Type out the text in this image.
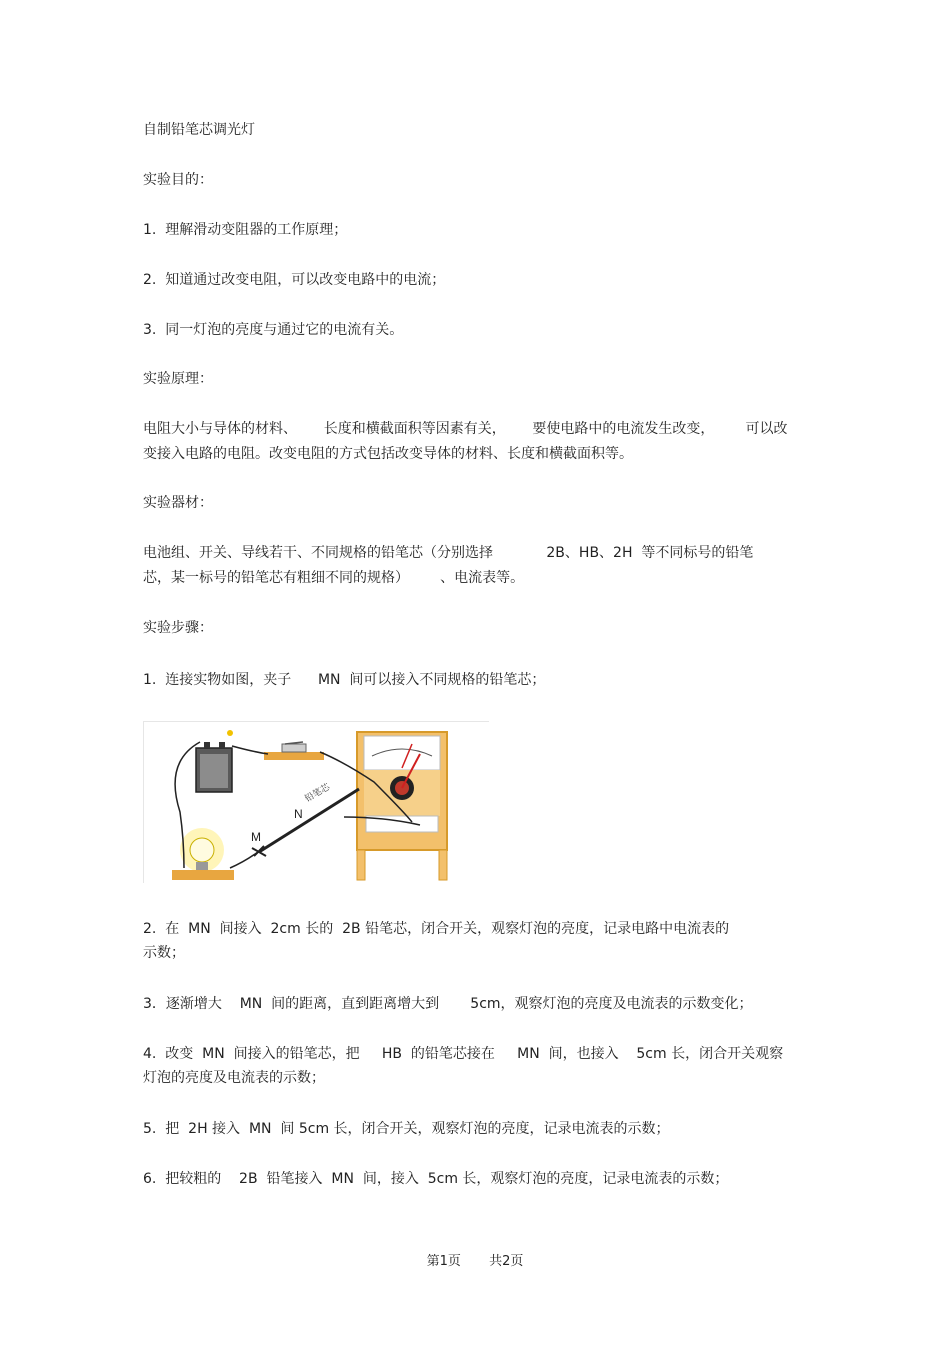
自制铅笔芯调光灯
实验目的：
1.  理解滑动变阻器的工作原理；
2.  知道通过改变电阻，可以改变电路中的电流；
3.  同一灯泡的亮度与通过它的电流有关。
实验原理：
电阻大小与导体的材料、      长度和横截面积等因素有关，      要使电路中的电流发生改变，       可以改
变接入电路的电阻。改变电阻的方式包括改变导体的材料、长度和横截面积等。
实验器材：
电池组、开关、导线若干、不同规格的铅笔芯（分别选择            2B、HB、2H  等不同标号的铅笔
芯，某一标号的铅笔芯有粗细不同的规格）       、电流表等。
实验步骤：
1.  连接实物如图，夹子      MN  间可以接入不同规格的铅笔芯；
M
N
铅笔芯
2.  在  MN  间接入  2cm 长的  2B 铅笔芯，闭合开关，观察灯泡的亮度，记录电路中电流表的
示数；
3．逐渐增大    MN  间的距离，直到距离增大到       5cm，观察灯泡的亮度及电流表的示数变化；
4.  改变  MN  间接入的铅笔芯，把     HB  的铅笔芯接在     MN  间，也接入    5cm 长，闭合开关观察
灯泡的亮度及电流表的示数；
5.  把  2H 接入  MN  间 5cm 长，闭合开关，观察灯泡的亮度，记录电流表的示数；
6.  把较粗的    2B  铅笔接入  MN  间，接入  5cm 长，观察灯泡的亮度，记录电流表的示数；
第1页 共2页
